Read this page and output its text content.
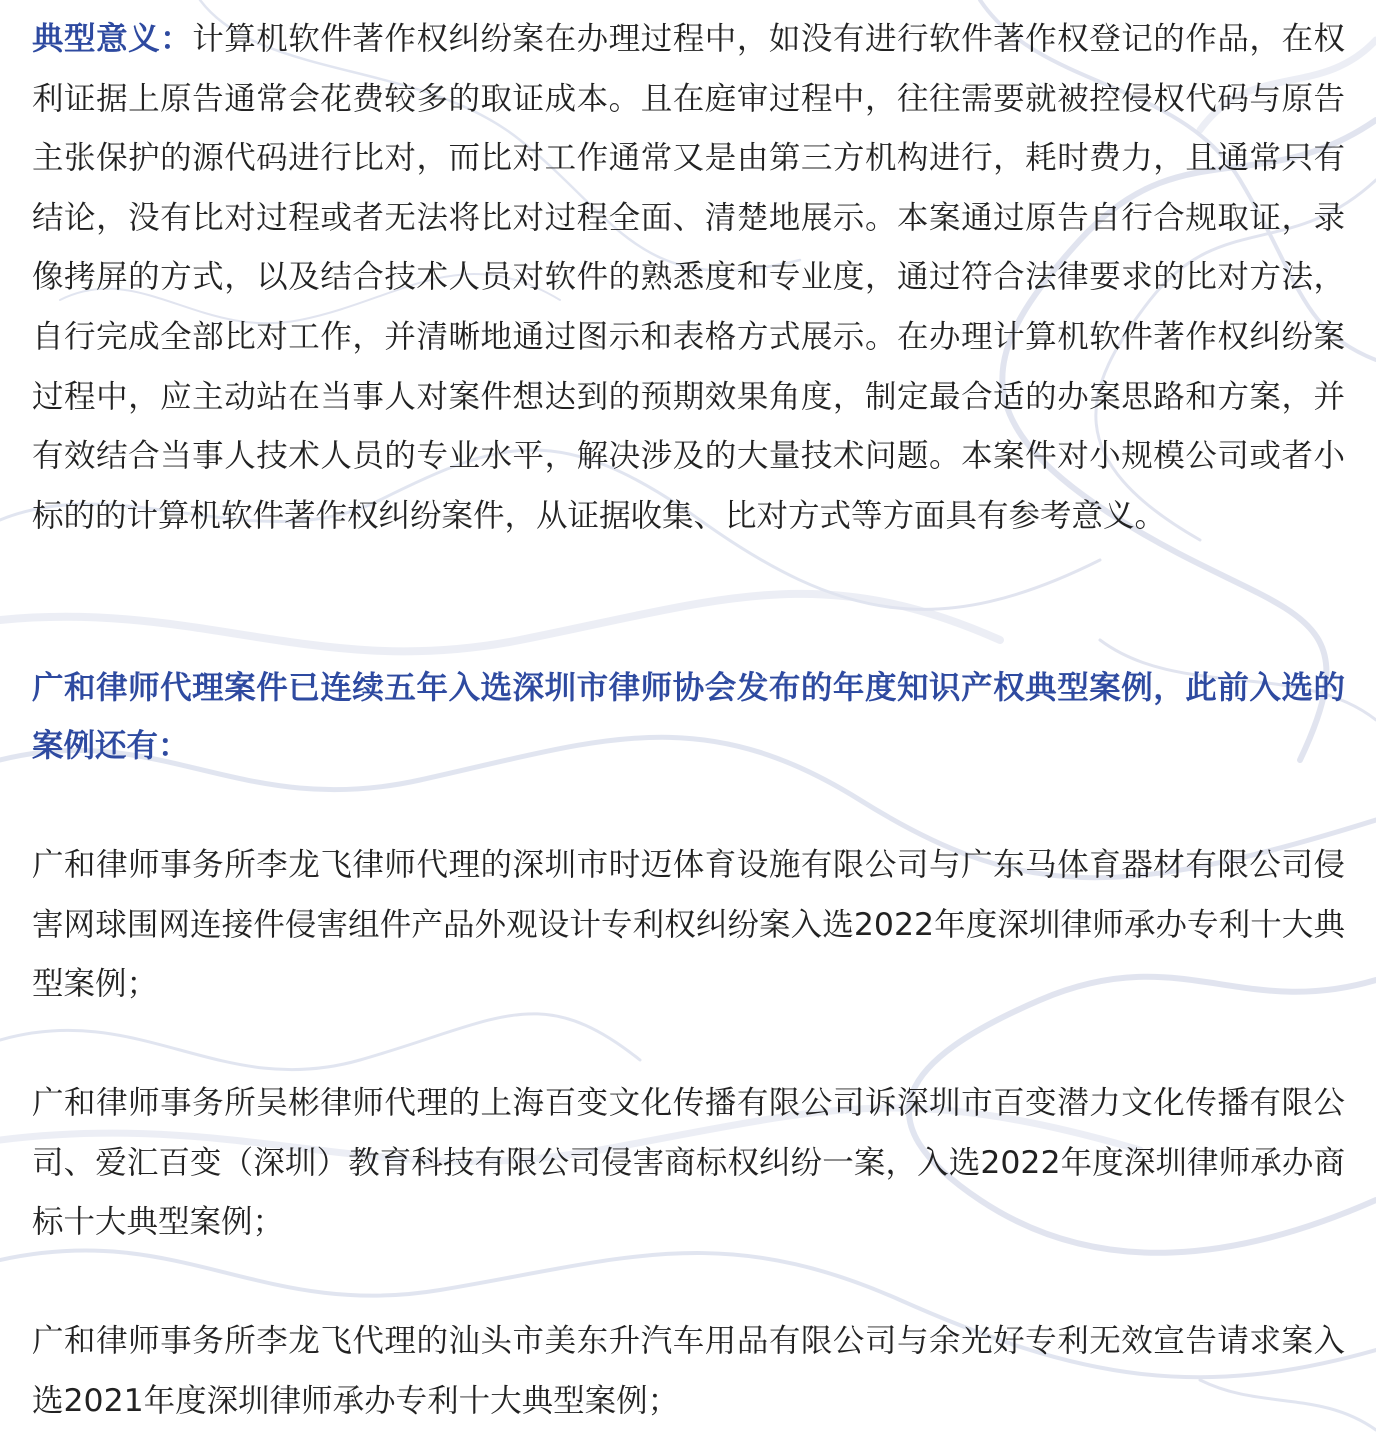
典型意义：计算机软件著作权纠纷案在办理过程中，如没有进行软件著作权登记的作品，在权利证据上原告通常会花费较多的取证成本。且在庭审过程中，往往需要就被控侵权代码与原告主张保护的源代码进行比对，而比对工作通常又是由第三方机构进行，耗时费力，且通常只有结论，没有比对过程或者无法将比对过程全面、清楚地展示。本案通过原告自行合规取证，录像拷屏的方式，以及结合技术人员对软件的熟悉度和专业度，通过符合法律要求的比对方法，自行完成全部比对工作，并清晰地通过图示和表格方式展示。在办理计算机软件著作权纠纷案过程中，应主动站在当事人对案件想达到的预期效果角度，制定最合适的办案思路和方案，并有效结合当事人技术人员的专业水平，解决涉及的大量技术问题。本案件对小规模公司或者小标的的计算机软件著作权纠纷案件，从证据收集、比对方式等方面具有参考意义。

广和律师代理案件已连续五年入选深圳市律师协会发布的年度知识产权典型案例，此前入选的案例还有：

广和律师事务所李龙飞律师代理的深圳市时迈体育设施有限公司与广东马体育器材有限公司侵害网球围网连接件侵害组件产品外观设计专利权纠纷案入选2022年度深圳律师承办专利十大典型案例；

广和律师事务所吴彬律师代理的上海百变文化传播有限公司诉深圳市百变潜力文化传播有限公司、爱汇百变（深圳）教育科技有限公司侵害商标权纠纷一案，入选2022年度深圳律师承办商标十大典型案例；

广和律师事务所李龙飞代理的汕头市美东升汽车用品有限公司与余光好专利无效宣告请求案入选2021年度深圳律师承办专利十大典型案例；
